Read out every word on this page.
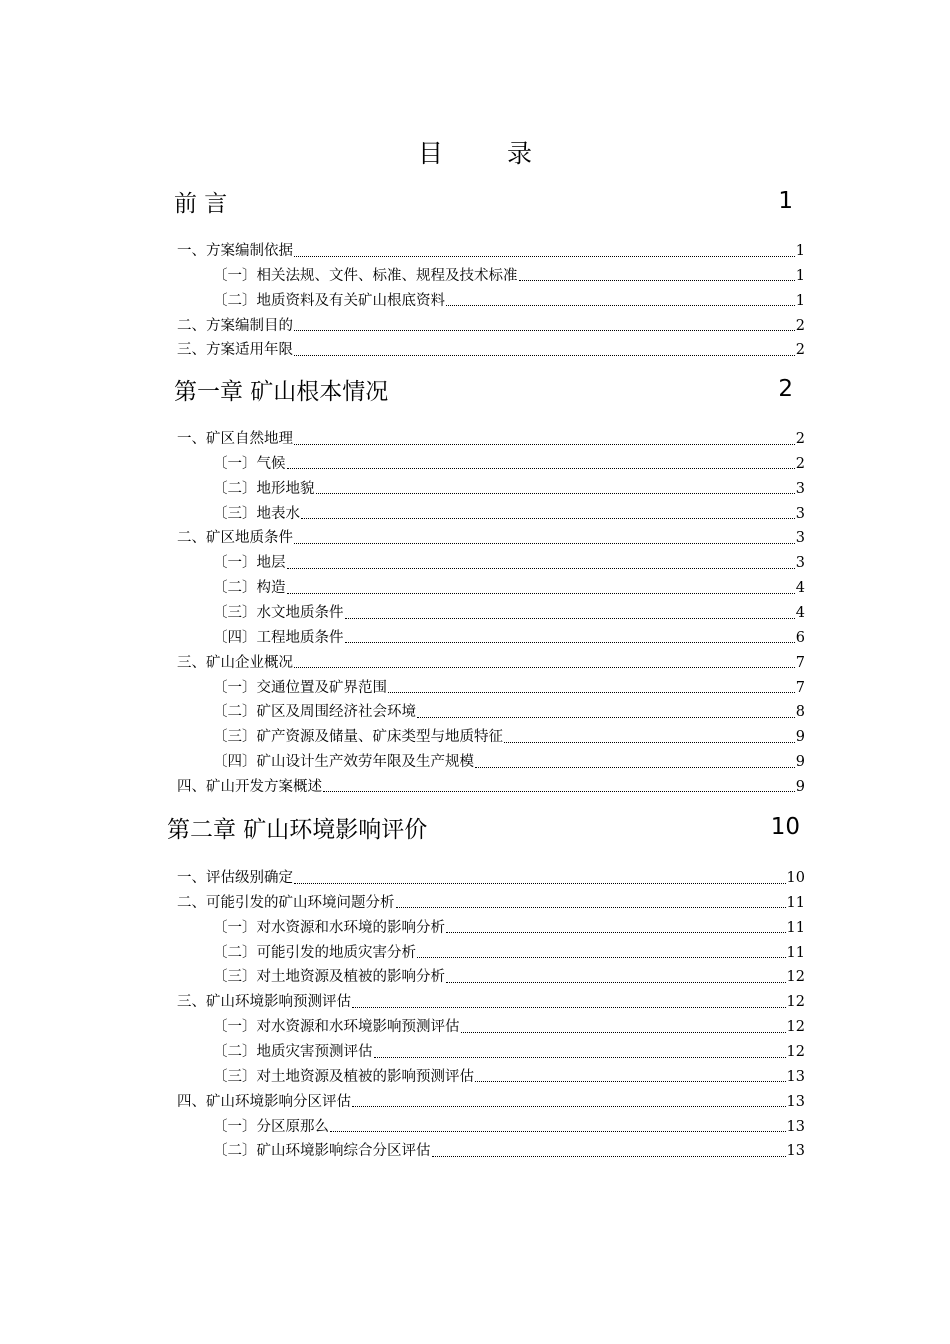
目 录
前 言	1
一、方案编制依据	1
〔一〕相关法规、文件、标准、规程及技术标准	1
〔二〕地质资料及有关矿山根底资料	1
二、方案编制目的	2
三、方案适用年限	2
第一章 矿山根本情况	2
一、矿区自然地理	2
〔一〕气候	2
〔二〕地形地貌	3
〔三〕地表水	3
二、矿区地质条件	3
〔一〕地层	3
〔二〕构造	4
〔三〕水文地质条件	4
〔四〕工程地质条件	6
三、矿山企业概况	7
〔一〕交通位置及矿界范围	7
〔二〕矿区及周围经济社会环境	8
〔三〕矿产资源及储量、矿床类型与地质特征	9
〔四〕矿山设计生产效劳年限及生产规模	9
四、矿山开发方案概述	9
第二章 矿山环境影响评价	10
一、评估级别确定	10
二、可能引发的矿山环境问题分析	11
〔一〕对水资源和水环境的影响分析	11
〔二〕可能引发的地质灾害分析	11
〔三〕对土地资源及植被的影响分析	12
三、矿山环境影响预测评估	12
〔一〕对水资源和水环境影响预测评估	12
〔二〕地质灾害预测评估	12
〔三〕对土地资源及植被的影响预测评估	13
四、矿山环境影响分区评估	13
〔一〕分区原那么	13
〔二〕矿山环境影响综合分区评估	13
